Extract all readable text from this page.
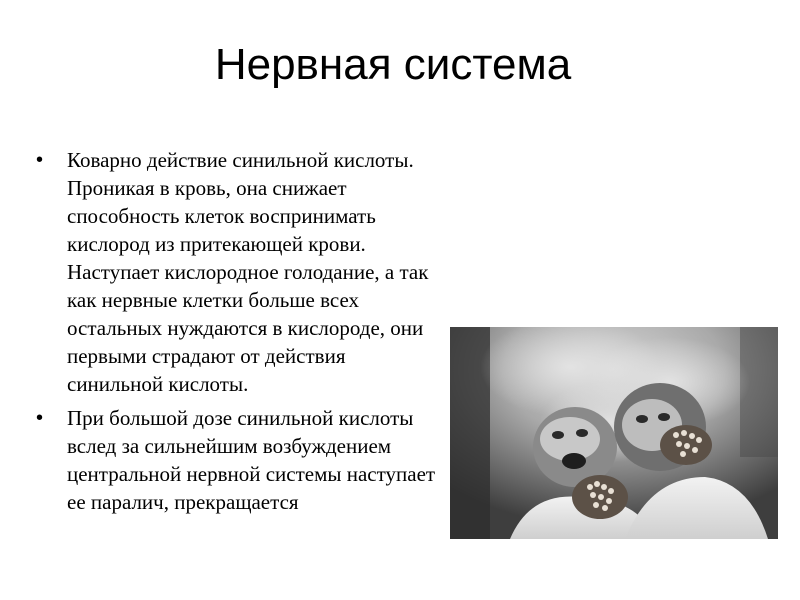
Нервная система
• Коварно действие синильной кислоты. Проникая в кровь, она снижает способность клеток воспринимать кислород из притекающей крови. Наступает кислородное голодание, а так как нервные клетки больше всех остальных нуждаются в кислороде, они первыми страдают от действия синильной кислоты.
• При большой дозе синильной кислоты вслед за сильнейшим возбуждением центральной нервной системы наступает ее паралич, прекращается
